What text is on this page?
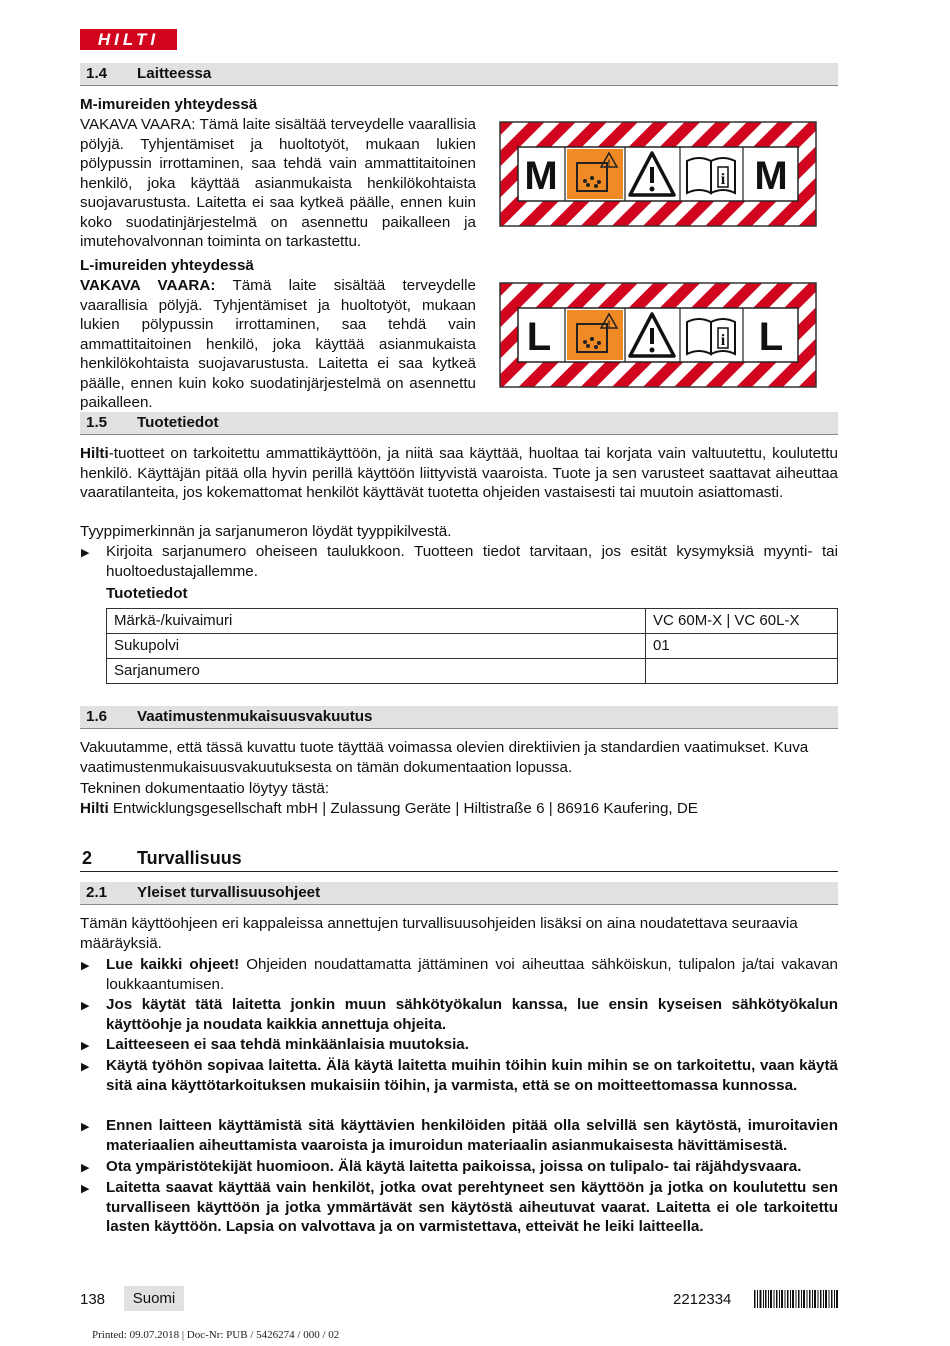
HILTI
1.4 Laitteessa
M-imureiden yhteydessä
VAKAVA VAARA: Tämä laite sisältää terveydelle vaarallisia pölyjä. Tyhjentämiset ja huoltotyöt, mukaan lukien pölypussin irrottaminen, saa tehdä vain ammattitaitoinen henkilö, joka käyttää asianmukaista henkilökohtaista suojavarustusta. Laitetta ei saa kytkeä päälle, ennen kuin koko suodatinjärjestelmä on asennettu paikalleen ja imutehovalvonnan toiminta on tarkastettu.
L-imureiden yhteydessä
VAKAVA VAARA: Tämä laite sisältää terveydelle vaarallisia pölyjä. Tyhjentämiset ja huoltotyöt, mukaan lukien pölypussin irrottaminen, saa tehdä vain ammattitaitoinen henkilö, joka käyttää asianmukaista henkilökohtaista suojavarustusta. Laitetta ei saa kytkeä päälle, ennen kuin koko suodatinjärjestelmä on asennettu paikalleen.
M	!
i M
L	!
i L
1.5 Tuotetiedot
Hilti-tuotteet on tarkoitettu ammattikäyttöön, ja niitä saa käyttää, huoltaa tai korjata vain valtuutettu, koulutettu henkilö. Käyttäjän pitää olla hyvin perillä käyttöön liittyvistä vaaroista. Tuote ja sen varusteet saattavat aiheuttaa vaaratilanteita, jos kokemattomat henkilöt käyttävät tuotetta ohjeiden vastaisesti tai muutoin asiattomasti.
Tyyppimerkinnän ja sarjanumeron löydät tyyppikilvestä.
▶ Kirjoita sarjanumero oheiseen taulukkoon. Tuotteen tiedot tarvitaan, jos esität kysymyksiä myynti- tai huoltoedustajallemme.
Tuotetiedot
Märkä-/kuivaimuri	VC 60M-X | VC 60L-X
Sukupolvi	01
Sarjanumero	
1.6 Vaatimustenmukaisuusvakuutus
Vakuutamme, että tässä kuvattu tuote täyttää voimassa olevien direktiivien ja standardien vaatimukset. Kuva vaatimustenmukaisuusvakuutuksesta on tämän dokumentaation lopussa.
Tekninen dokumentaatio löytyy tästä:
Hilti Entwicklungsgesellschaft mbH | Zulassung Geräte | Hiltistraße 6 | 86916 Kaufering, DE
2 Turvallisuus
2.1 Yleiset turvallisuusohjeet
Tämän käyttöohjeen eri kappaleissa annettujen turvallisuusohjeiden lisäksi on aina noudatettava seuraavia määräyksiä.
▶ Lue kaikki ohjeet! Ohjeiden noudattamatta jättäminen voi aiheuttaa sähköiskun, tulipalon ja/tai vakavan loukkaantumisen.
▶ Jos käytät tätä laitetta jonkin muun sähkötyökalun kanssa, lue ensin kyseisen sähkötyökalun käyttöohje ja noudata kaikkia annettuja ohjeita.
▶ Laitteeseen ei saa tehdä minkäänlaisia muutoksia.
▶ Käytä työhön sopivaa laitetta. Älä käytä laitetta muihin töihin kuin mihin se on tarkoitettu, vaan käytä sitä aina käyttötarkoituksen mukaisiin töihin, ja varmista, että se on moitteettomassa kunnossa.
▶ Ennen laitteen käyttämistä sitä käyttävien henkilöiden pitää olla selvillä sen käytöstä, imuroitavien materiaalien aiheuttamista vaaroista ja imuroidun materiaalin asianmukaisesta hävittämisestä.
▶ Ota ympäristötekijät huomioon. Älä käytä laitetta paikoissa, joissa on tulipalo- tai räjähdysvaara.
▶ Laitetta saavat käyttää vain henkilöt, jotka ovat perehtyneet sen käyttöön ja jotka on koulutettu sen turvalliseen käyttöön ja jotka ymmärtävät sen käytöstä aiheutuvat vaarat. Laitetta ei ole tarkoitettu lasten käyttöön. Lapsia on valvottava ja on varmistettava, etteivät he leiki laitteella.
138	Suomi	2212334
Printed: 09.07.2018 | Doc-Nr: PUB / 5426274 / 000 / 02
